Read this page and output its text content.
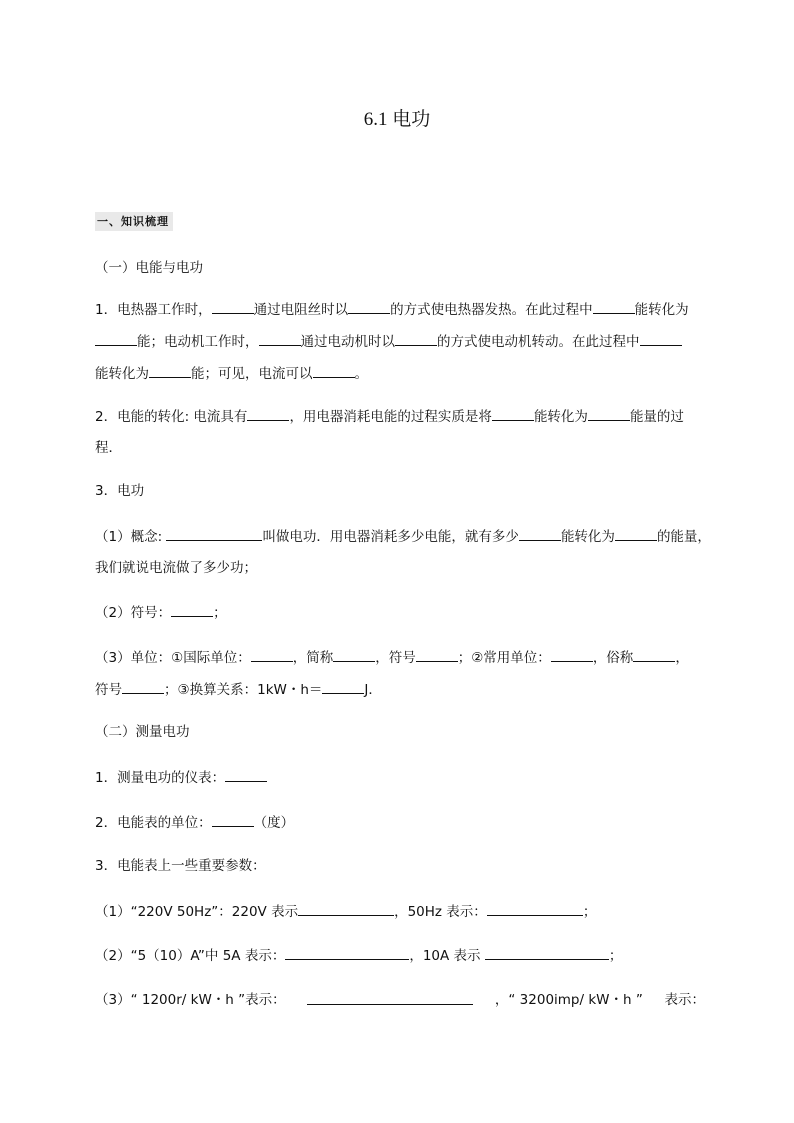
6.1 电功
一、知识梳理
（一）电能与电功
1．电热器工作时，	通过电阻丝时以	的方式使电热器发热。在此过程中	能转化为
能；电动机工作时，	通过电动机时以	的方式使电动机转动。在此过程中
能转化为	能；可见，电流可以	。
2．电能的转化: 电流具有	，用电器消耗电能的过程实质是将	能转化为	能量的过
程．
3．电功
（1）概念:	叫做电功．用电器消耗多少电能，就有多少	能转化为	的能量，
我们就说电流做了多少功；
（2）符号：	；
（3）单位：①国际单位：	，简称	，符号	；②常用单位：	，俗称	，
符号	；③换算关系：1kW・h＝	J．
（二）测量电功
1．测量电功的仪表：
2．电能表的单位：	（度）
3．电能表上一些重要参数：
（1）“220V 50Hz”：220V 表示	，50Hz 表示：	；
（2）“5（10）A”中 5A 表示：	，10A 表示	；
（3）“ 1200r/ kW・h ”表示：	，“ 3200imp/ kW・h ” 表示：
